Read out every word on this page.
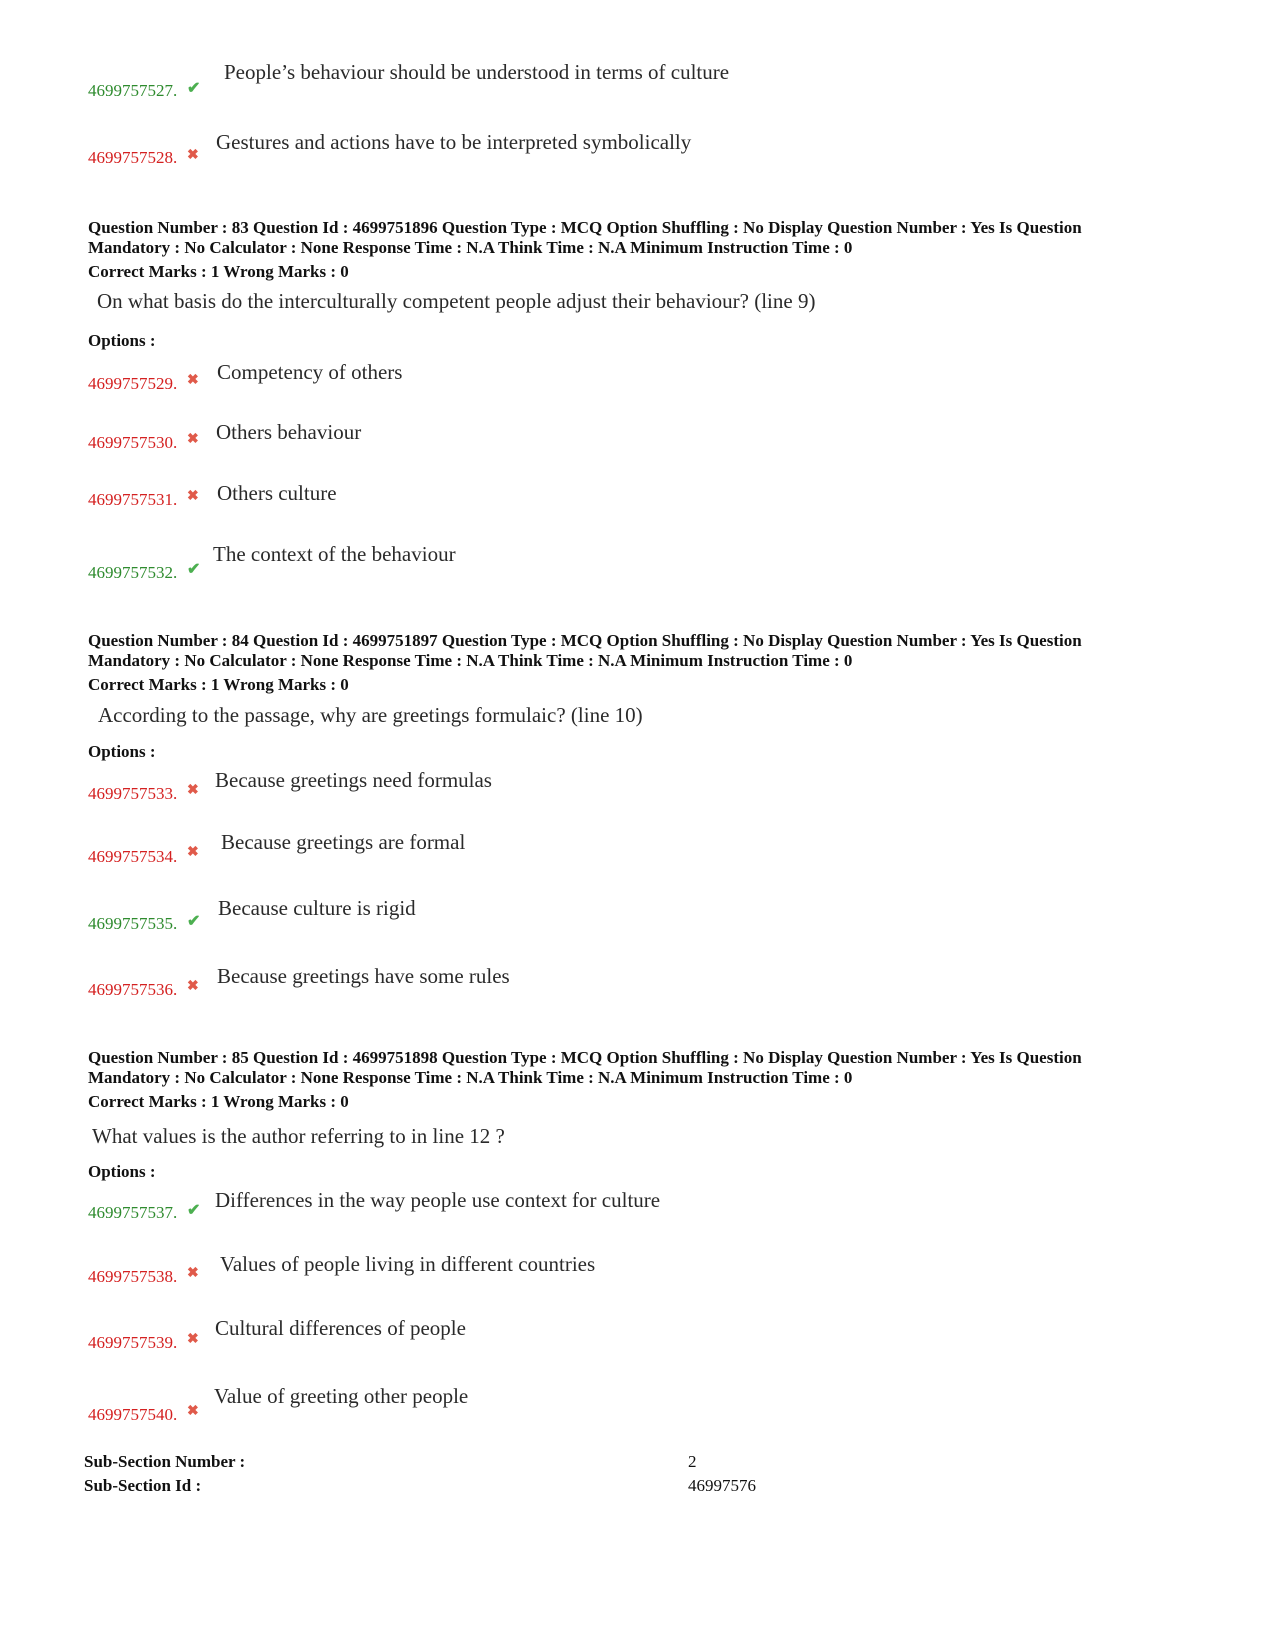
4699757527. ✔
People’s behaviour should be understood in terms of culture
4699757528. ✖
Gestures and actions have to be interpreted symbolically
Question Number : 83 Question Id : 4699751896 Question Type : MCQ Option Shuffling : No Display Question Number : Yes Is Question
Mandatory : No Calculator : None Response Time : N.A Think Time : N.A Minimum Instruction Time : 0
Correct Marks : 1 Wrong Marks : 0
On what basis do the interculturally competent people adjust their behaviour? (line 9)
Options :
4699757529. ✖ Competency of others
4699757530. ✖ Others behaviour
4699757531. ✖ Others culture
4699757532. ✔
The context of the behaviour
Question Number : 84 Question Id : 4699751897 Question Type : MCQ Option Shuffling : No Display Question Number : Yes Is Question
Mandatory : No Calculator : None Response Time : N.A Think Time : N.A Minimum Instruction Time : 0
Correct Marks : 1 Wrong Marks : 0
According to the passage, why are greetings formulaic? (line 10)
Options :
4699757533. ✖ Because greetings need formulas
4699757534. ✖ Because greetings are formal
4699757535. ✔
Because culture is rigid
4699757536. ✖ Because greetings have some rules
Question Number : 85 Question Id : 4699751898 Question Type : MCQ Option Shuffling : No Display Question Number : Yes Is Question
Mandatory : No Calculator : None Response Time : N.A Think Time : N.A Minimum Instruction Time : 0
Correct Marks : 1 Wrong Marks : 0
What values is the author referring to in line 12 ?
Options :
4699757537. ✔ Differences in the way people use context for culture
4699757538. ✖ Values of people living in different countries
4699757539. ✖ Cultural differences of people
4699757540. ✖
Value of greeting other people
Sub-Section Number :	2
Sub-Section Id :	46997576
